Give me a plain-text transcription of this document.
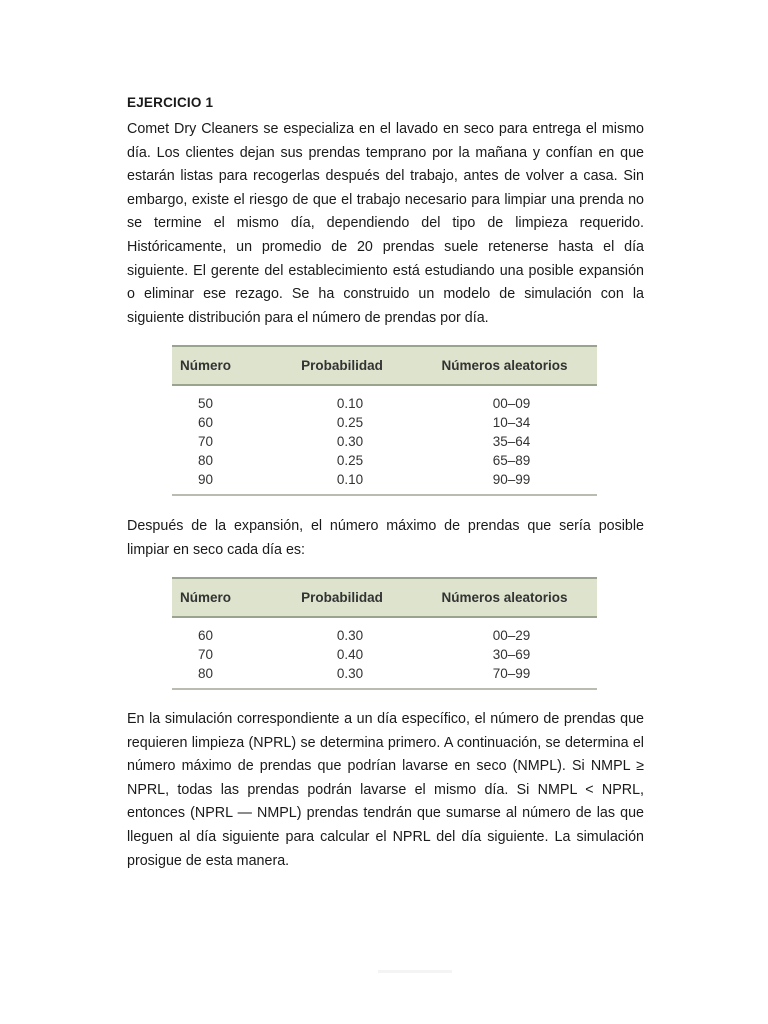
EJERCICIO 1

Comet Dry Cleaners se especializa en el lavado en seco para entrega el mismo día. Los clientes dejan sus prendas temprano por la mañana y confían en que estarán listas para recogerlas después del trabajo, antes de volver a casa. Sin embargo, existe el riesgo de que el trabajo necesario para limpiar una prenda no se termine el mismo día, dependiendo del tipo de limpieza requerido. Históricamente, un promedio de 20 prendas suele retenerse hasta el día siguiente. El gerente del establecimiento está estudiando una posible expansión o eliminar ese rezago. Se ha construido un modelo de simulación con la siguiente distribución para el número de prendas por día.

Número	Probabilidad	Números aleatorios
50	0.10	00–09
60	0.25	10–34
70	0.30	35–64
80	0.25	65–89
90	0.10	90–99

Después de la expansión, el número máximo de prendas que sería posible limpiar en seco cada día es:

Número	Probabilidad	Números aleatorios
60	0.30	00–29
70	0.40	30–69
80	0.30	70–99

En la simulación correspondiente a un día específico, el número de prendas que requieren limpieza (NPRL) se determina primero. A continuación, se determina el número máximo de prendas que podrían lavarse en seco (NMPL). Si NMPL ≥ NPRL, todas las prendas podrán lavarse el mismo día. Si NMPL < NPRL, entonces (NPRL — NMPL) prendas tendrán que sumarse al número de las que lleguen al día siguiente para calcular el NPRL del día siguiente. La simulación prosigue de esta manera.
